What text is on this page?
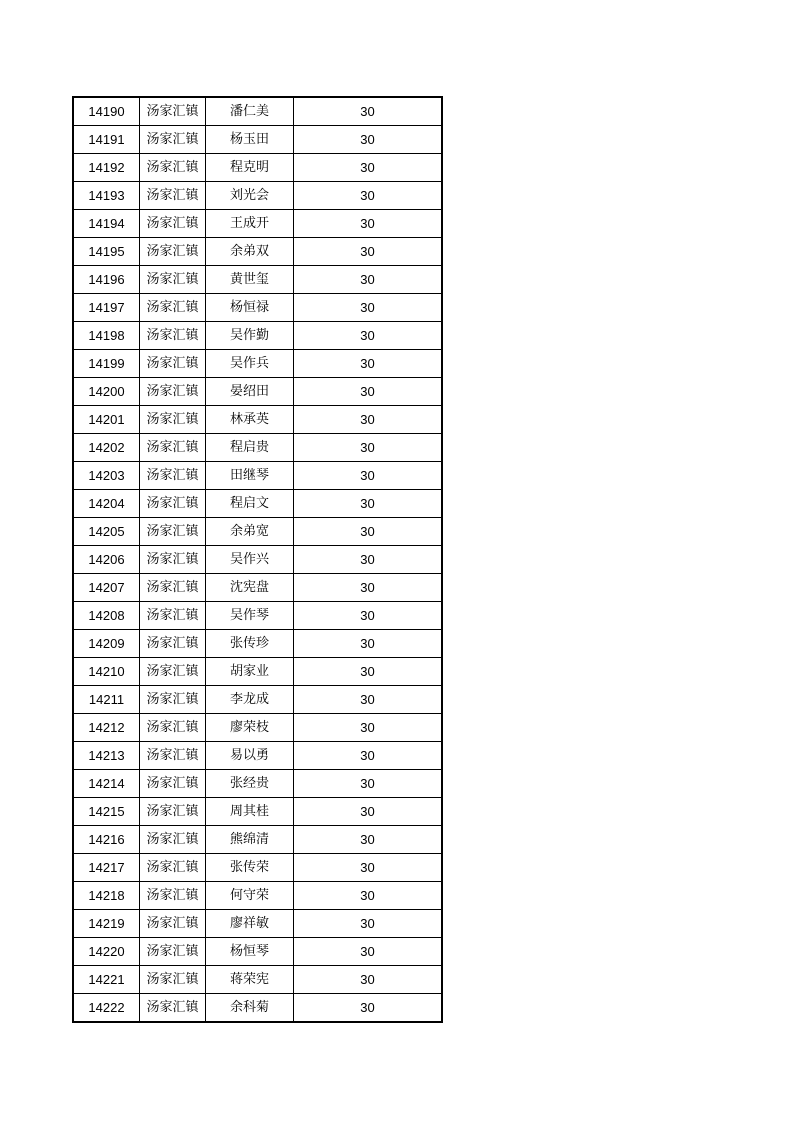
14190	汤家汇镇	潘仁美	30
14191	汤家汇镇	杨玉田	30
14192	汤家汇镇	程克明	30
14193	汤家汇镇	刘光会	30
14194	汤家汇镇	王成开	30
14195	汤家汇镇	余弟双	30
14196	汤家汇镇	黄世玺	30
14197	汤家汇镇	杨恒禄	30
14198	汤家汇镇	吴作勤	30
14199	汤家汇镇	吴作兵	30
14200	汤家汇镇	晏绍田	30
14201	汤家汇镇	林承英	30
14202	汤家汇镇	程启贵	30
14203	汤家汇镇	田继琴	30
14204	汤家汇镇	程启文	30
14205	汤家汇镇	余弟宽	30
14206	汤家汇镇	吴作兴	30
14207	汤家汇镇	沈宪盘	30
14208	汤家汇镇	吴作琴	30
14209	汤家汇镇	张传珍	30
14210	汤家汇镇	胡家业	30
14211	汤家汇镇	李龙成	30
14212	汤家汇镇	廖荣枝	30
14213	汤家汇镇	易以勇	30
14214	汤家汇镇	张经贵	30
14215	汤家汇镇	周其桂	30
14216	汤家汇镇	熊绵清	30
14217	汤家汇镇	张传荣	30
14218	汤家汇镇	何守荣	30
14219	汤家汇镇	廖祥敏	30
14220	汤家汇镇	杨恒琴	30
14221	汤家汇镇	蒋荣宪	30
14222	汤家汇镇	余科菊	30
